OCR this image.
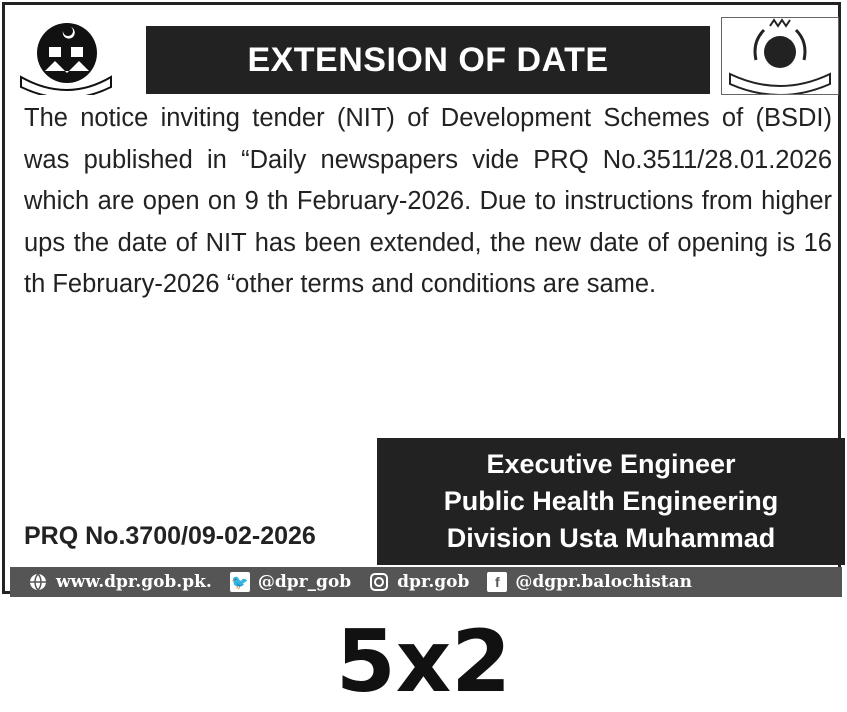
EXTENSION OF DATE
The notice inviting tender (NIT) of Development Schemes of (BSDI) was published in “Daily newspapers vide PRQ No.3511/28.01.2026 which are open on 9 th February-2026. Due to instructions from higher ups the date of NIT has been extended, the new date of opening is 16 th February-2026 “other terms and conditions are same.
PRQ No.3700/09-02-2026
Executive Engineer
Public Health Engineering
Division Usta Muhammad
www.dpr.gob.pk. 🐦 @dpr_gob	dpr.gob	f @dgpr.balochistan
5x2
